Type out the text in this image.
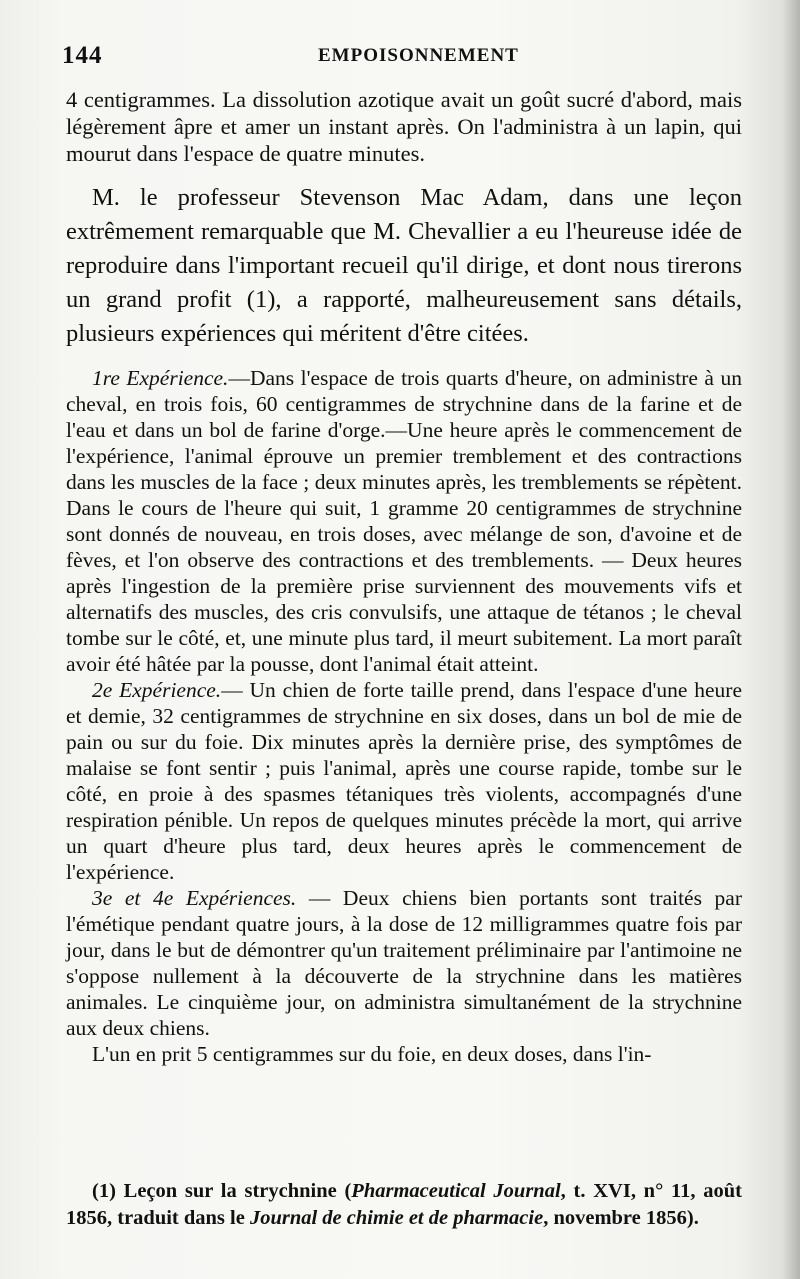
144	EMPOISONNEMENT

4 centigrammes. La dissolution azotique avait un goût sucré d'abord, mais légèrement âpre et amer un instant après. On l'administra à un lapin, qui mourut dans l'espace de quatre minutes.

M. le professeur Stevenson Mac Adam, dans une leçon extrêmement remarquable que M. Chevallier a eu l'heureuse idée de reproduire dans l'important recueil qu'il dirige, et dont nous tirerons un grand profit (1), a rapporté, malheureusement sans détails, plusieurs expériences qui méritent d'être citées.

1re Expérience.—Dans l'espace de trois quarts d'heure, on administre à un cheval, en trois fois, 60 centigrammes de strychnine dans de la farine et de l'eau et dans un bol de farine d'orge.—Une heure après le commencement de l'expérience, l'animal éprouve un premier tremblement et des contractions dans les muscles de la face ; deux minutes après, les tremblements se répètent. Dans le cours de l'heure qui suit, 1 gramme 20 centigrammes de strychnine sont donnés de nouveau, en trois doses, avec mélange de son, d'avoine et de fèves, et l'on observe des contractions et des tremblements. — Deux heures après l'ingestion de la première prise surviennent des mouvements vifs et alternatifs des muscles, des cris convulsifs, une attaque de tétanos ; le cheval tombe sur le côté, et, une minute plus tard, il meurt subitement. La mort paraît avoir été hâtée par la pousse, dont l'animal était atteint.

2e Expérience.— Un chien de forte taille prend, dans l'espace d'une heure et demie, 32 centigrammes de strychnine en six doses, dans un bol de mie de pain ou sur du foie. Dix minutes après la dernière prise, des symptômes de malaise se font sentir ; puis l'animal, après une course rapide, tombe sur le côté, en proie à des spasmes tétaniques très violents, accompagnés d'une respiration pénible. Un repos de quelques minutes précède la mort, qui arrive un quart d'heure plus tard, deux heures après le commencement de l'expérience.

3e et 4e Expériences. — Deux chiens bien portants sont traités par l'émétique pendant quatre jours, à la dose de 12 milligrammes quatre fois par jour, dans le but de démontrer qu'un traitement préliminaire par l'antimoine ne s'oppose nullement à la découverte de la strychnine dans les matières animales. Le cinquième jour, on administra simultanément de la strychnine aux deux chiens.

L'un en prit 5 centigrammes sur du foie, en deux doses, dans l'in-

(1) Leçon sur la strychnine (Pharmaceutical Journal, t. XVI, n° 11, août 1856, traduit dans le Journal de chimie et de pharmacie, novembre 1856).
